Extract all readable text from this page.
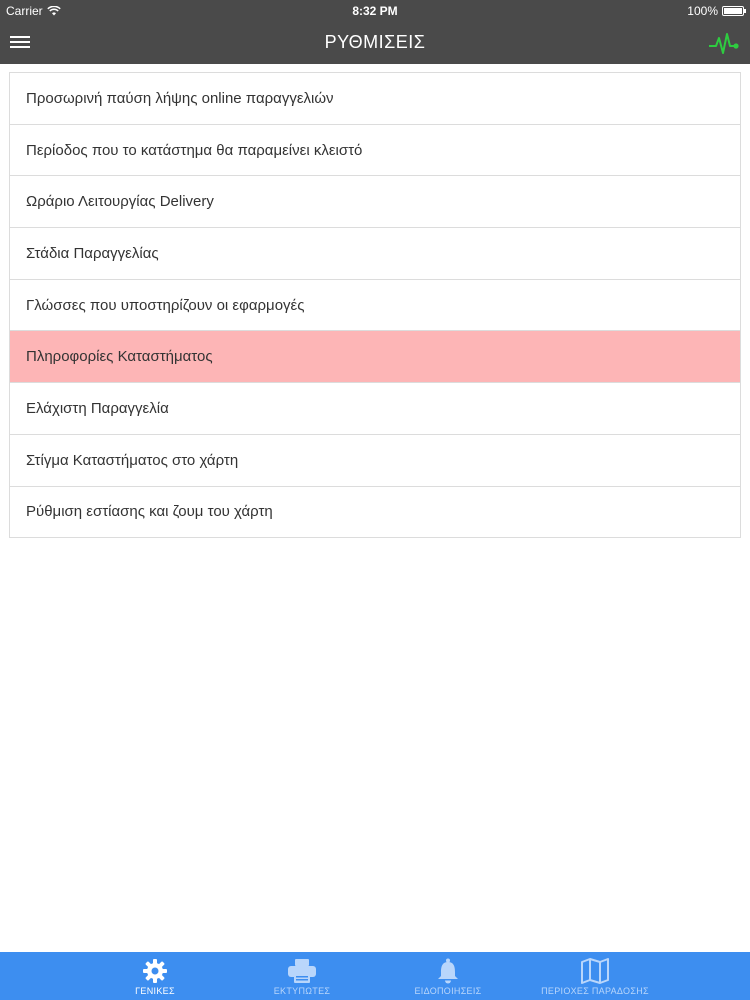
Carrier	8:32 PM	100%
ΡΥΘΜΙΣΕΙΣ
Προσωρινή παύση λήψης online παραγγελιών
Περίοδος που το κατάστημα θα παραμείνει κλειστό
Ωράριο Λειτουργίας Delivery
Στάδια Παραγγελίας
Γλώσσες που υποστηρίζουν οι εφαρμογές
Πληροφορίες Καταστήματος
Ελάχιστη Παραγγελία
Στίγμα Καταστήματος στο χάρτη
Ρύθμιση εστίασης και ζουμ του χάρτη
ΓΕΝΙΚΕΣ	ΕΚΤΥΠΩΤΕΣ	ΕΙΔΟΠΟΙΗΣΕΙΣ	ΠΕΡΙΟΧΕΣ ΠΑΡΑΔΟΣΗΣ
